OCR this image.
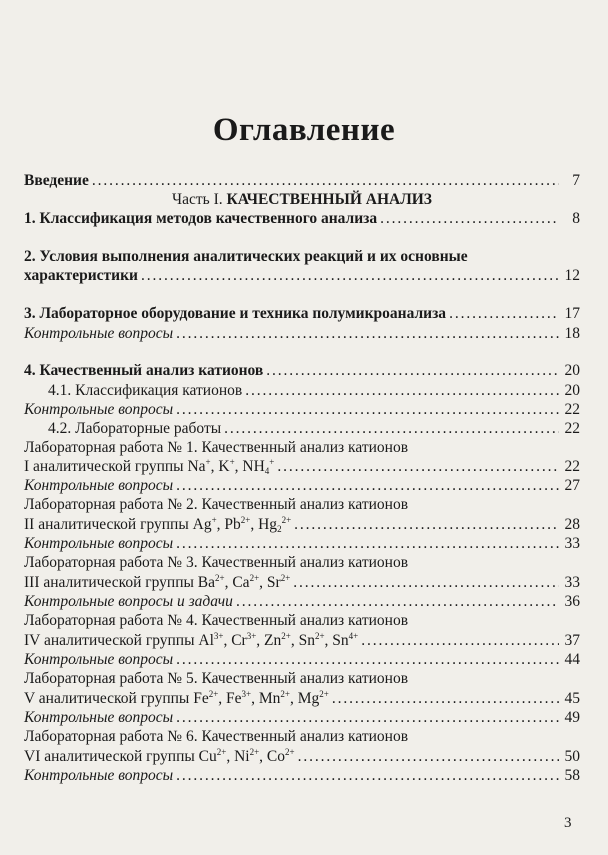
Оглавление
Введение . . .	7
Часть I. КАЧЕСТВЕННЫЙ АНАЛИЗ
1. Классификация методов качественного анализа . . .	8
2. Условия выполнения аналитических реакций и их основные
характеристики . . .	12
3. Лабораторное оборудование и техника полумикроанализа . . .	17
Контрольные вопросы . . .	18
4. Качественный анализ катионов . . .	20
4.1. Классификация катионов . . .	20
Контрольные вопросы . . .	22
4.2. Лабораторные работы . . .	22
Лабораторная работа № 1. Качественный анализ катионов
I аналитической группы Na+, K+, $NH_4^+$ . . .	22
Контрольные вопросы . . .	27
Лабораторная работа № 2. Качественный анализ катионов
II аналитической группы Ag+, $Pb^{2+}$, $Hg_2^{2+}$ . . .	28
Контрольные вопросы . . .	33
Лабораторная работа № 3. Качественный анализ катионов
III аналитической группы $Ba^{2+}$, $Ca^{2+}$, $Sr^{2+}$ . . .	33
Контрольные вопросы и задачи . . .	36
Лабораторная работа № 4. Качественный анализ катионов
IV аналитической группы $Al^{3+}$, $Cr^{3+}$, $Zn^{2+}$, $Sn^{2+}$, $Sn^{4+}$ . . .	37
Контрольные вопросы . . .	44
Лабораторная работа № 5. Качественный анализ катионов
V аналитической группы $Fe^{2+}$, $Fe^{3+}$, $Mn^{2+}$, $Mg^{2+}$ . . .	45
Контрольные вопросы . . .	49
Лабораторная работа № 6. Качественный анализ катионов
VI аналитической группы $Cu^{2+}$, $Ni^{2+}$, $Co^{2+}$ . . .	50
Контрольные вопросы . . .	58
3
